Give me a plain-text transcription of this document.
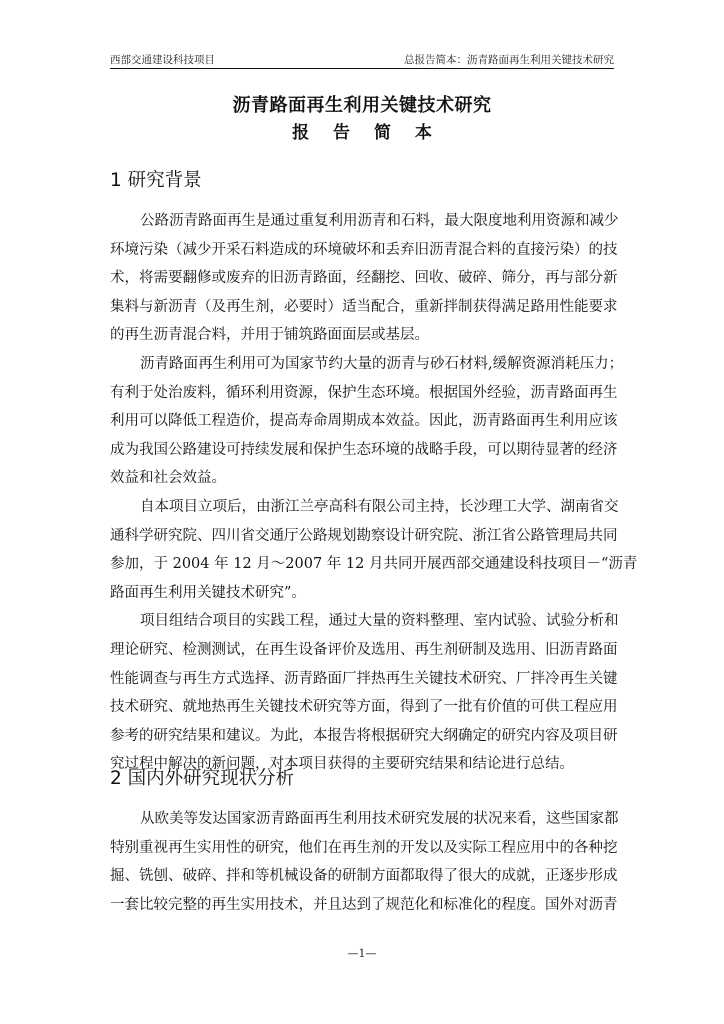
西部交通建设科技项目	总报告简本：沥青路面再生利用关键技术研究
沥青路面再生利用关键技术研究
报 告 简 本
1 研究背景
公路沥青路面再生是通过重复利用沥青和石料，最大限度地利用资源和减少
环境污染（减少开采石料造成的环境破坏和丢弃旧沥青混合料的直接污染）的技
术，将需要翻修或废弃的旧沥青路面，经翻挖、回收、破碎、筛分，再与部分新
集料与新沥青（及再生剂，必要时）适当配合，重新拌制获得满足路用性能要求
的再生沥青混合料，并用于铺筑路面面层或基层。
沥青路面再生利用可为国家节约大量的沥青与砂石材料,缓解资源消耗压力；
有利于处治废料，循环利用资源，保护生态环境。根据国外经验，沥青路面再生
利用可以降低工程造价，提高寿命周期成本效益。因此，沥青路面再生利用应该
成为我国公路建设可持续发展和保护生态环境的战略手段，可以期待显著的经济
效益和社会效益。
自本项目立项后，由浙江兰亭高科有限公司主持，长沙理工大学、湖南省交
通科学研究院、四川省交通厅公路规划勘察设计研究院、浙江省公路管理局共同
参加，于 2004 年 12 月～2007 年 12 月共同开展西部交通建设科技项目－“沥青
路面再生利用关键技术研究”。
项目组结合项目的实践工程，通过大量的资料整理、室内试验、试验分析和
理论研究、检测测试，在再生设备评价及选用、再生剂研制及选用、旧沥青路面
性能调查与再生方式选择、沥青路面厂拌热再生关键技术研究、厂拌冷再生关键
技术研究、就地热再生关键技术研究等方面，得到了一批有价值的可供工程应用
参考的研究结果和建议。为此，本报告将根据研究大纲确定的研究内容及项目研
究过程中解决的新问题，对本项目获得的主要研究结果和结论进行总结。
2 国内外研究现状分析
从欧美等发达国家沥青路面再生利用技术研究发展的状况来看，这些国家都
特别重视再生实用性的研究，他们在再生剂的开发以及实际工程应用中的各种挖
掘、铣刨、破碎、拌和等机械设备的研制方面都取得了很大的成就，正逐步形成
一套比较完整的再生实用技术，并且达到了规范化和标准化的程度。国外对沥青
—1—
